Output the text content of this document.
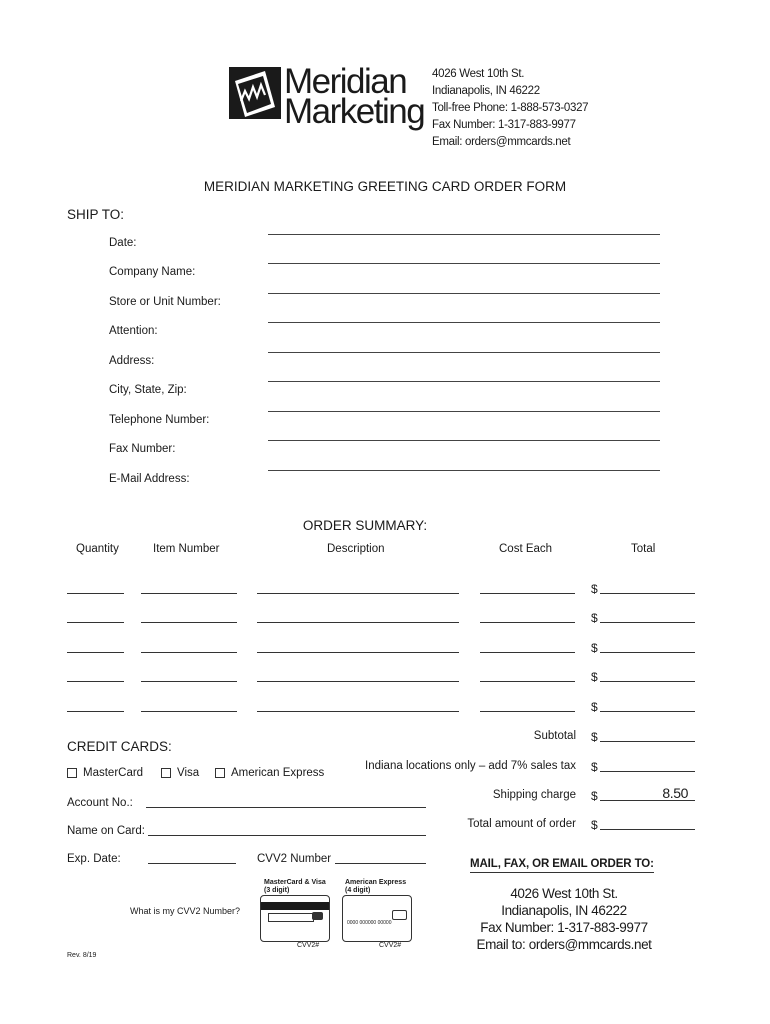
Meridian
Marketing
4026 West 10th St.
Indianapolis, IN 46222
Toll-free Phone: 1-888-573-0327
Fax Number: 1-317-883-9977
Email: orders@mmcards.net
MERIDIAN MARKETING GREETING CARD ORDER FORM
SHIP TO:
Date:
Company Name:
Store or Unit Number:
Attention:
Address:
City, State, Zip:
Telephone Number:
Fax Number:
E-Mail Address:
ORDER SUMMARY:
Quantity	Item Number	Description	Cost Each	Total
$
$
$
$
$
Subtotal $
Indiana locations only – add 7% sales tax $
Shipping charge $	8.50
Total amount of order $
CREDIT CARDS:
MasterCard	Visa	American Express
Account No.:
Name on Card:
Exp. Date:	CVV2 Number
What is my CVV2 Number?
MasterCard & Visa
(3 digit)
CVV2#
American Express
(4 digit)
0000 000000 00000
CVV2#
MAIL, FAX, OR EMAIL ORDER TO:
4026 West 10th St.
Indianapolis, IN 46222
Fax Number: 1-317-883-9977
Email to: orders@mmcards.net
Rev. 8/19
